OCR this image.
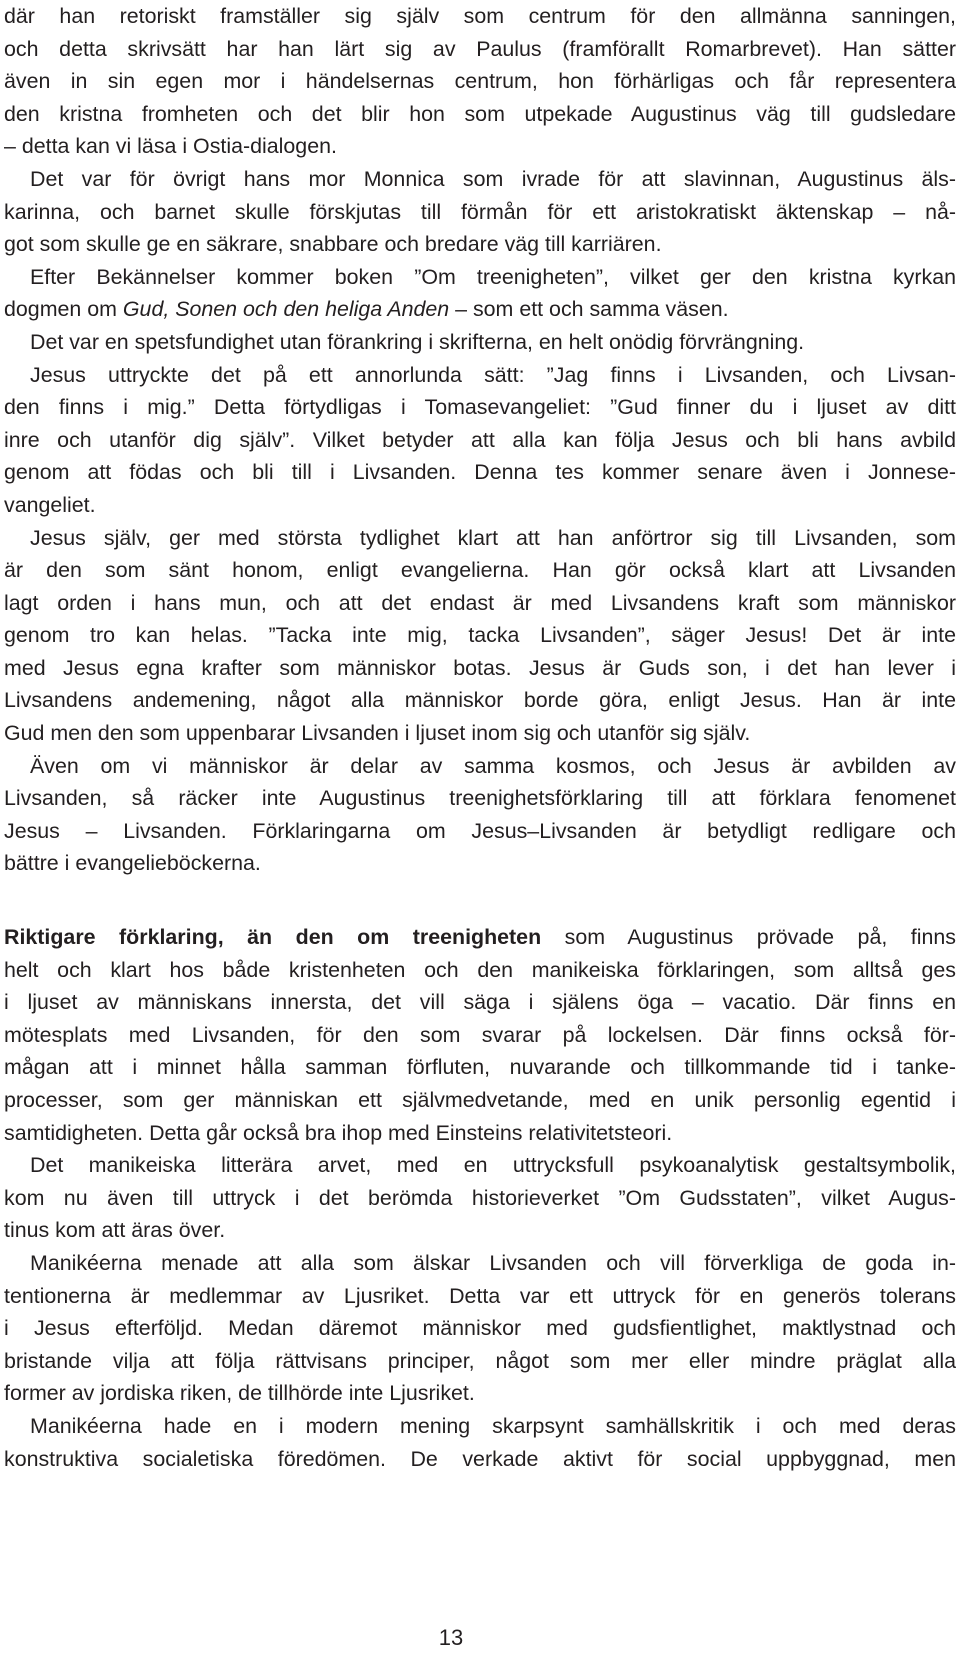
där han retoriskt framställer sig själv som centrum för den allmänna sanningen,
och detta skrivsätt har han lärt sig av Paulus (framförallt Romarbrevet). Han sätter
även in sin egen mor i händelsernas centrum, hon förhärligas och får representera
den kristna fromheten och det blir hon som utpekade Augustinus väg till gudsledare
– detta kan vi läsa i Ostia-dialogen.
Det var för övrigt hans mor Monnica som ivrade för att slavinnan, Augustinus äls-
karinna, och barnet skulle förskjutas till förmån för ett aristokratiskt äktenskap – nå-
got som skulle ge en säkrare, snabbare och bredare väg till karriären.
Efter Bekännelser kommer boken ”Om treenigheten”, vilket ger den kristna kyrkan
dogmen om Gud, Sonen och den heliga Anden – som ett och samma väsen.
Det var en spetsfundighet utan förankring i skrifterna, en helt onödig förvrängning.
Jesus uttryckte det på ett annorlunda sätt: ”Jag finns i Livsanden, och Livsan-
den finns i mig.” Detta förtydligas i Tomasevangeliet: ”Gud finner du i ljuset av ditt
inre och utanför dig själv”. Vilket betyder att alla kan följa Jesus och bli hans avbild
genom att födas och bli till i Livsanden. Denna tes kommer senare även i Jonnese-
vangeliet.
Jesus själv, ger med största tydlighet klart att han anförtror sig till Livsanden, som
är den som sänt honom, enligt evangelierna. Han gör också klart att Livsanden
lagt orden i hans mun, och att det endast är med Livsandens kraft som människor
genom tro kan helas. ”Tacka inte mig, tacka Livsanden”, säger Jesus! Det är inte
med Jesus egna krafter som människor botas. Jesus är Guds son, i det han lever i
Livsandens andemening, något alla människor borde göra, enligt Jesus. Han är inte
Gud men den som uppenbarar Livsanden i ljuset inom sig och utanför sig själv.
Även om vi människor är delar av samma kosmos, och Jesus är avbilden av
Livsanden, så räcker inte Augustinus treenighetsförklaring till att förklara fenomenet
Jesus – Livsanden. Förklaringarna om Jesus–Livsanden är betydligt redligare och
bättre i evangelieböckerna.
Riktigare förklaring, än den om treenigheten som Augustinus prövade på, finns
helt och klart hos både kristenheten och den manikeiska förklaringen, som alltså ges
i ljuset av människans innersta, det vill säga i själens öga – vacatio. Där finns en
mötesplats med Livsanden, för den som svarar på lockelsen. Där finns också för-
mågan att i minnet hålla samman förfluten, nuvarande och tillkommande tid i tanke-
processer, som ger människan ett självmedvetande, med en unik personlig egentid i
samtidigheten. Detta går också bra ihop med Einsteins relativitetsteori.
Det manikeiska litterära arvet, med en uttrycksfull psykoanalytisk gestaltsymbolik,
kom nu även till uttryck i det berömda historieverket ”Om Gudsstaten”, vilket Augus-
tinus kom att äras över.
Manikéerna menade att alla som älskar Livsanden och vill förverkliga de goda in-
tentionerna är medlemmar av Ljusriket. Detta var ett uttryck för en generös tolerans
i Jesus efterföljd. Medan däremot människor med gudsfientlighet, maktlystnad och
bristande vilja att följa rättvisans principer, något som mer eller mindre präglat alla
former av jordiska riken, de tillhörde inte Ljusriket.
Manikéerna hade en i modern mening skarpsynt samhällskritik i och med deras
konstruktiva socialetiska föredömen. De verkade aktivt för social uppbyggnad, men
13
